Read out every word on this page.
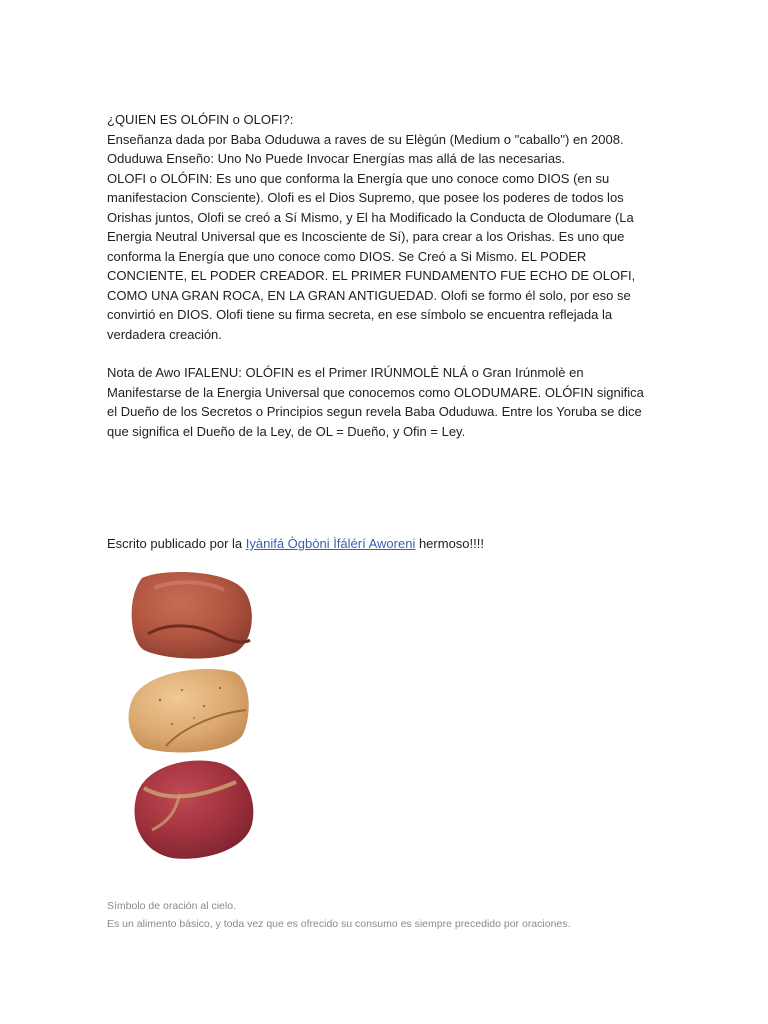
¿QUIEN ES OLÓFIN o OLOFI?:

Enseñanza dada por Baba Oduduwa a raves de su Elègún (Medium o "caballo") en 2008.

Oduduwa Enseño: Uno No Puede Invocar Energías mas allá de las necesarias.

OLOFI o OLÓFIN: Es uno que conforma la Energía que uno conoce como DIOS (en su

manifestacion Consciente). Olofi es el Dios Supremo, que posee los poderes de todos los

Orishas juntos, Olofi se creó a Sí Mismo, y El ha Modificado la Conducta de Olodumare (La

Energia Neutral Universal que es Incosciente de Sí), para crear a los Orishas. Es uno que

conforma la Energía que uno conoce como DIOS. Se Creó a Si Mismo. EL PODER

CONCIENTE, EL PODER CREADOR. EL PRIMER FUNDAMENTO FUE ECHO DE OLOFI,

COMO UNA GRAN ROCA, EN LA GRAN ANTIGUEDAD. Olofi se formo él solo, por eso se

convirtió en DIOS. Olofi tiene su firma secreta, en ese símbolo se encuentra reflejada la

verdadera creación.

Nota de Awo IFALENU: OLÓFIN es el Primer IRÚNMOLÈ NLÁ o Gran Irúnmolè en

Manifestarse de la Energia Universal que conocemos como OLODUMARE. OLÓFIN significa

el Dueño de los Secretos o Principios segun revela Baba Oduduwa. Entre los Yoruba se dice

que significa el Dueño de la Ley, de OL = Dueño, y Ofin = Ley.

Escrito publicado por la Iyànifá Ògbòni Ìfálérí Aworeni hermoso!!!!

Símbolo de oración al cielo.

Es un alimento básico, y toda vez que es ofrecido su consumo es siempre precedido por oraciones.
